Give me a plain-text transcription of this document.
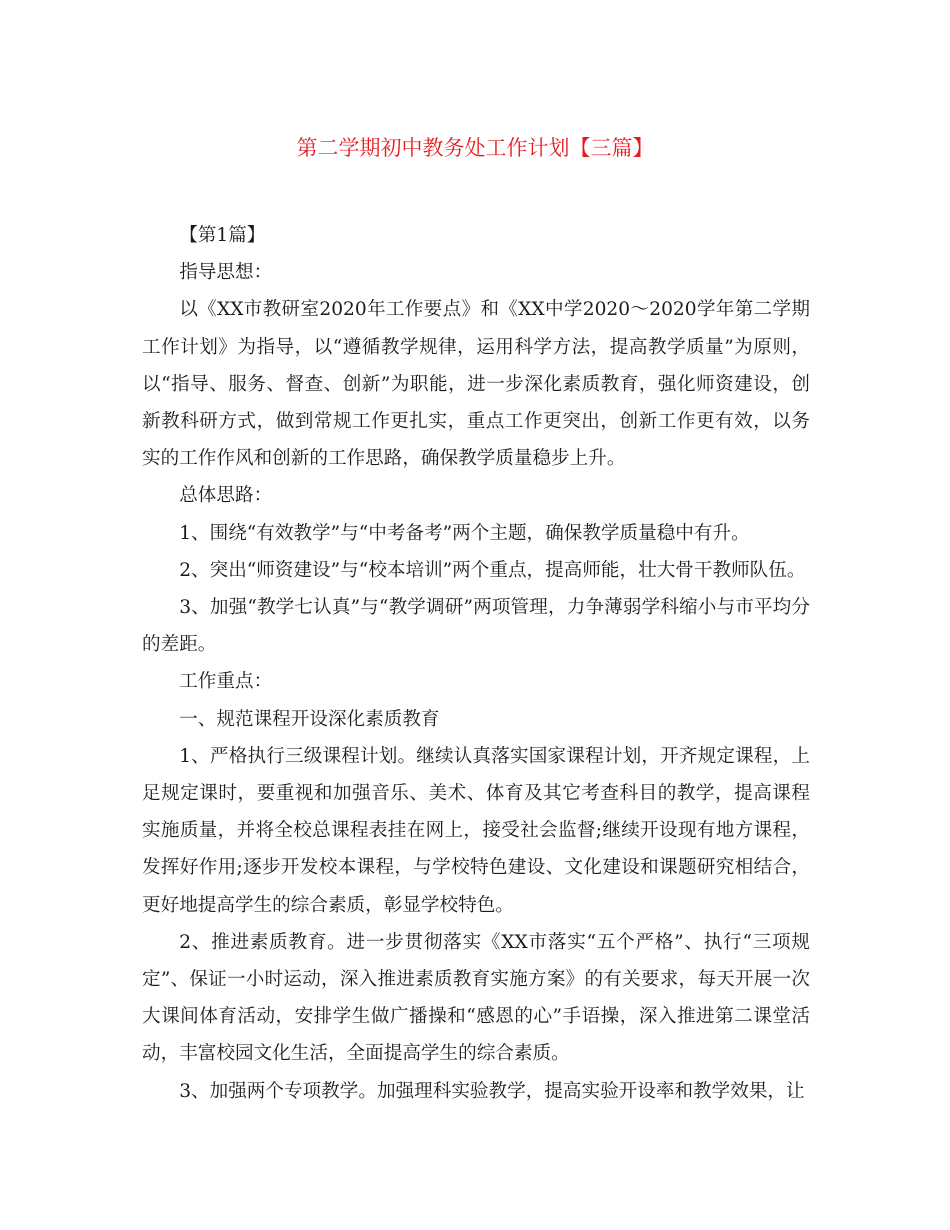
第二学期初中教务处工作计划【三篇】

【第1篇】

指导思想：

以《XX市教研室2020年工作要点》和《XX中学2020～2020学年第二学期工作计划》为指导，以“遵循教学规律，运用科学方法，提高教学质量”为原则，以“指导、服务、督查、创新”为职能，进一步深化素质教育，强化师资建设，创新教科研方式，做到常规工作更扎实，重点工作更突出，创新工作更有效，以务实的工作作风和创新的工作思路，确保教学质量稳步上升。

总体思路：

1、围绕“有效教学”与“中考备考”两个主题，确保教学质量稳中有升。

2、突出“师资建设”与“校本培训”两个重点，提高师能，壮大骨干教师队伍。

3、加强“教学七认真”与“教学调研”两项管理，力争薄弱学科缩小与市平均分的差距。

工作重点：

一、规范课程开设深化素质教育

1、严格执行三级课程计划。继续认真落实国家课程计划，开齐规定课程，上足规定课时，要重视和加强音乐、美术、体育及其它考查科目的教学，提高课程实施质量，并将全校总课程表挂在网上，接受社会监督;继续开设现有地方课程，发挥好作用;逐步开发校本课程，与学校特色建设、文化建设和课题研究相结合，更好地提高学生的综合素质，彰显学校特色。

2、推进素质教育。进一步贯彻落实《XX市落实“五个严格”、执行“三项规定”、保证一小时运动，深入推进素质教育实施方案》的有关要求，每天开展一次大课间体育活动，安排学生做广播操和“感恩的心”手语操，深入推进第二课堂活动，丰富校园文化生活，全面提高学生的综合素质。

3、加强两个专项教学。加强理科实验教学，提高实验开设率和教学效果，让
